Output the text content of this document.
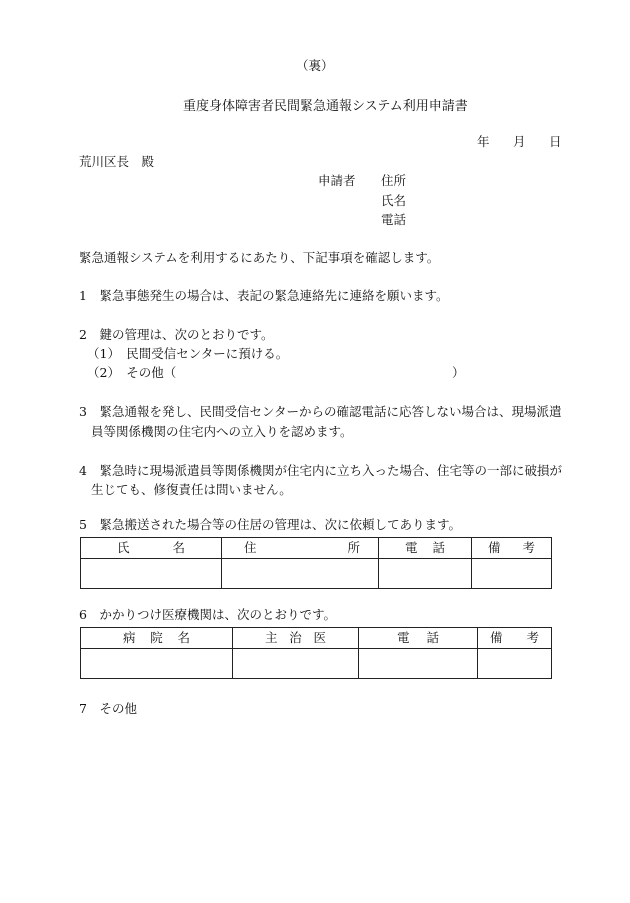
（裏）
重度身体障害者民間緊急通報システム利用申請書
年 月 日
荒川区長　殿
申請者 住所
氏名
電話
緊急通報システムを利用するにあたり、下記事項を確認します。
1　緊急事態発生の場合は、表記の緊急連絡先に連絡を願います。
2　鍵の管理は、次のとおりです。
（1）　民間受信センターに預ける。
（2）　その他（	）
3　緊急通報を発し、民間受信センターからの確認電話に応答しない場合は、現場派遣
員等関係機関の住宅内への立入りを認めます。
4　緊急時に現場派遣員等関係機関が住宅内に立ち入った場合、住宅等の一部に破損が
生じても、修復責任は問いません。
5　緊急搬送された場合等の住居の管理は、次に依頼してあります。
氏 名	住 所	電 話	備 考

6　かかりつけ医療機関は、次のとおりです。
病 院 名	主 治 医	電 話	備 考

7　その他
